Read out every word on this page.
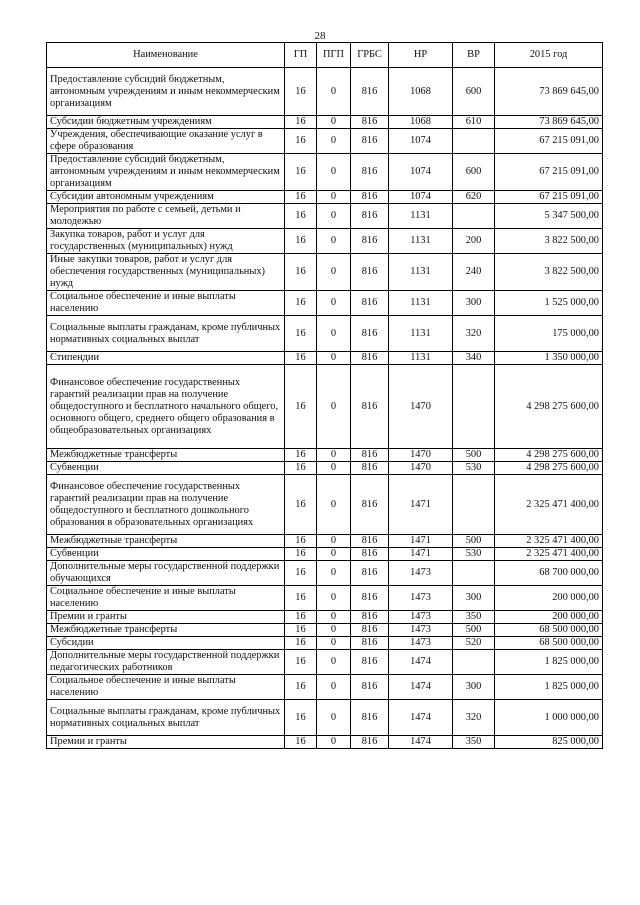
28
Наименование	ГП	ПГП	ГРБС	НР	ВР	2015 год
Предоставление субсидий бюджетным, автономным учреждениям и иным некоммерческим организациям	16	0	816	1068	600	73 869 645,00
Субсидии бюджетным учреждениям	16	0	816	1068	610	73 869 645,00
Учреждения, обеспечивающие оказание услуг в сфере образования	16	0	816	1074		67 215 091,00
Предоставление субсидий бюджетным, автономным учреждениям и иным некоммерческим организациям	16	0	816	1074	600	67 215 091,00
Субсидии автономным учреждениям	16	0	816	1074	620	67 215 091,00
Мероприятия по работе с семьей, детьми и молодежью	16	0	816	1131		5 347 500,00
Закупка товаров, работ и услуг для государственных (муниципальных) нужд	16	0	816	1131	200	3 822 500,00
Иные закупки товаров, работ и услуг для обеспечения государственных (муниципальных) нужд	16	0	816	1131	240	3 822 500,00
Социальное обеспечение и иные выплаты населению	16	0	816	1131	300	1 525 000,00
Социальные выплаты гражданам, кроме публичных нормативных социальных выплат	16	0	816	1131	320	175 000,00
Стипендии	16	0	816	1131	340	1 350 000,00
Финансовое обеспечение государственных гарантий реализации прав на получение общедоступного и бесплатного начального общего, основного общего, среднего общего образования в общеобразовательных организациях	16	0	816	1470		4 298 275 600,00
Межбюджетные трансферты	16	0	816	1470	500	4 298 275 600,00
Субвенции	16	0	816	1470	530	4 298 275 600,00
Финансовое обеспечение государственных гарантий реализации прав на получение общедоступного и бесплатного дошкольного образования в образовательных организациях	16	0	816	1471		2 325 471 400,00
Межбюджетные трансферты	16	0	816	1471	500	2 325 471 400,00
Субвенции	16	0	816	1471	530	2 325 471 400,00
Дополнительные меры государственной поддержки обучающихся	16	0	816	1473		68 700 000,00
Социальное обеспечение и иные выплаты населению	16	0	816	1473	300	200 000,00
Премии и гранты	16	0	816	1473	350	200 000,00
Межбюджетные трансферты	16	0	816	1473	500	68 500 000,00
Субсидии	16	0	816	1473	520	68 500 000,00
Дополнительные меры государственной поддержки педагогических работников	16	0	816	1474		1 825 000,00
Социальное обеспечение и иные выплаты населению	16	0	816	1474	300	1 825 000,00
Социальные выплаты гражданам, кроме публичных нормативных социальных выплат	16	0	816	1474	320	1 000 000,00
Премии и гранты	16	0	816	1474	350	825 000,00
